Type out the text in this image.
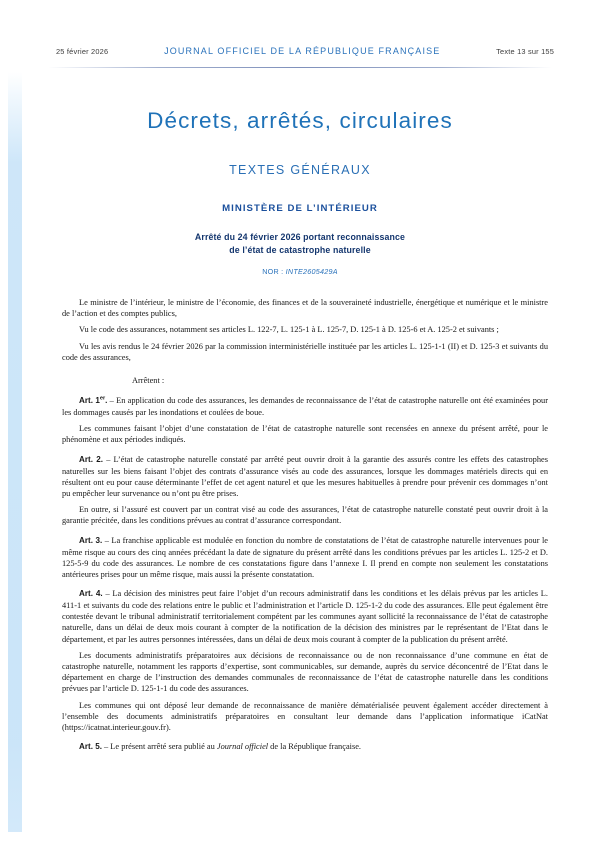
25 février 2026	JOURNAL OFFICIEL DE LA RÉPUBLIQUE FRANÇAISE	Texte 13 sur 155
Décrets, arrêtés, circulaires
TEXTES GÉNÉRAUX
MINISTÈRE DE L’INTÉRIEUR
Arrêté du 24 février 2026 portant reconnaissance
de l’état de catastrophe naturelle
NOR : INTE2605429A

Le ministre de l’intérieur, le ministre de l’économie, des finances et de la souveraineté industrielle, énergétique et numérique et le ministre de l’action et des comptes publics,

Vu le code des assurances, notamment ses articles L. 122-7, L. 125-1 à L. 125-7, D. 125-1 à D. 125-6 et A. 125-2 et suivants ;

Vu les avis rendus le 24 février 2026 par la commission interministérielle instituée par les articles L. 125-1-1 (II) et D. 125-3 et suivants du code des assurances,

Arrêtent :

Art. 1er. – En application du code des assurances, les demandes de reconnaissance de l’état de catastrophe naturelle ont été examinées pour les dommages causés par les inondations et coulées de boue.

Les communes faisant l’objet d’une constatation de l’état de catastrophe naturelle sont recensées en annexe du présent arrêté, pour le phénomène et aux périodes indiqués.

Art. 2. – L’état de catastrophe naturelle constaté par arrêté peut ouvrir droit à la garantie des assurés contre les effets des catastrophes naturelles sur les biens faisant l’objet des contrats d’assurance visés au code des assurances, lorsque les dommages matériels directs qui en résultent ont eu pour cause déterminante l’effet de cet agent naturel et que les mesures habituelles à prendre pour prévenir ces dommages n’ont pu empêcher leur survenance ou n’ont pu être prises.

En outre, si l’assuré est couvert par un contrat visé au code des assurances, l’état de catastrophe naturelle constaté peut ouvrir droit à la garantie précitée, dans les conditions prévues au contrat d’assurance correspondant.

Art. 3. – La franchise applicable est modulée en fonction du nombre de constatations de l’état de catastrophe naturelle intervenues pour le même risque au cours des cinq années précédant la date de signature du présent arrêté dans les conditions prévues par les articles L. 125-2 et D. 125-5-9 du code des assurances. Le nombre de ces constatations figure dans l’annexe I. Il prend en compte non seulement les constatations antérieures prises pour un même risque, mais aussi la présente constatation.

Art. 4. – La décision des ministres peut faire l’objet d’un recours administratif dans les conditions et les délais prévus par les articles L. 411-1 et suivants du code des relations entre le public et l’administration et l’article D. 125-1-2 du code des assurances. Elle peut également être contestée devant le tribunal administratif territorialement compétent par les communes ayant sollicité la reconnaissance de l’état de catastrophe naturelle, dans un délai de deux mois courant à compter de la notification de la décision des ministres par le représentant de l’Etat dans le département, et par les autres personnes intéressées, dans un délai de deux mois courant à compter de la publication du présent arrêté.

Les documents administratifs préparatoires aux décisions de reconnaissance ou de non reconnaissance d’une commune en état de catastrophe naturelle, notamment les rapports d’expertise, sont communicables, sur demande, auprès du service déconcentré de l’Etat dans le département en charge de l’instruction des demandes communales de reconnaissance de l’état de catastrophe naturelle dans les conditions prévues par l’article D. 125-1-1 du code des assurances.

Les communes qui ont déposé leur demande de reconnaissance de manière dématérialisée peuvent également accéder directement à l’ensemble des documents administratifs préparatoires en consultant leur demande dans l’application informatique iCatNat (https://icatnat.interieur.gouv.fr).

Art. 5. – Le présent arrêté sera publié au Journal officiel de la République française.
